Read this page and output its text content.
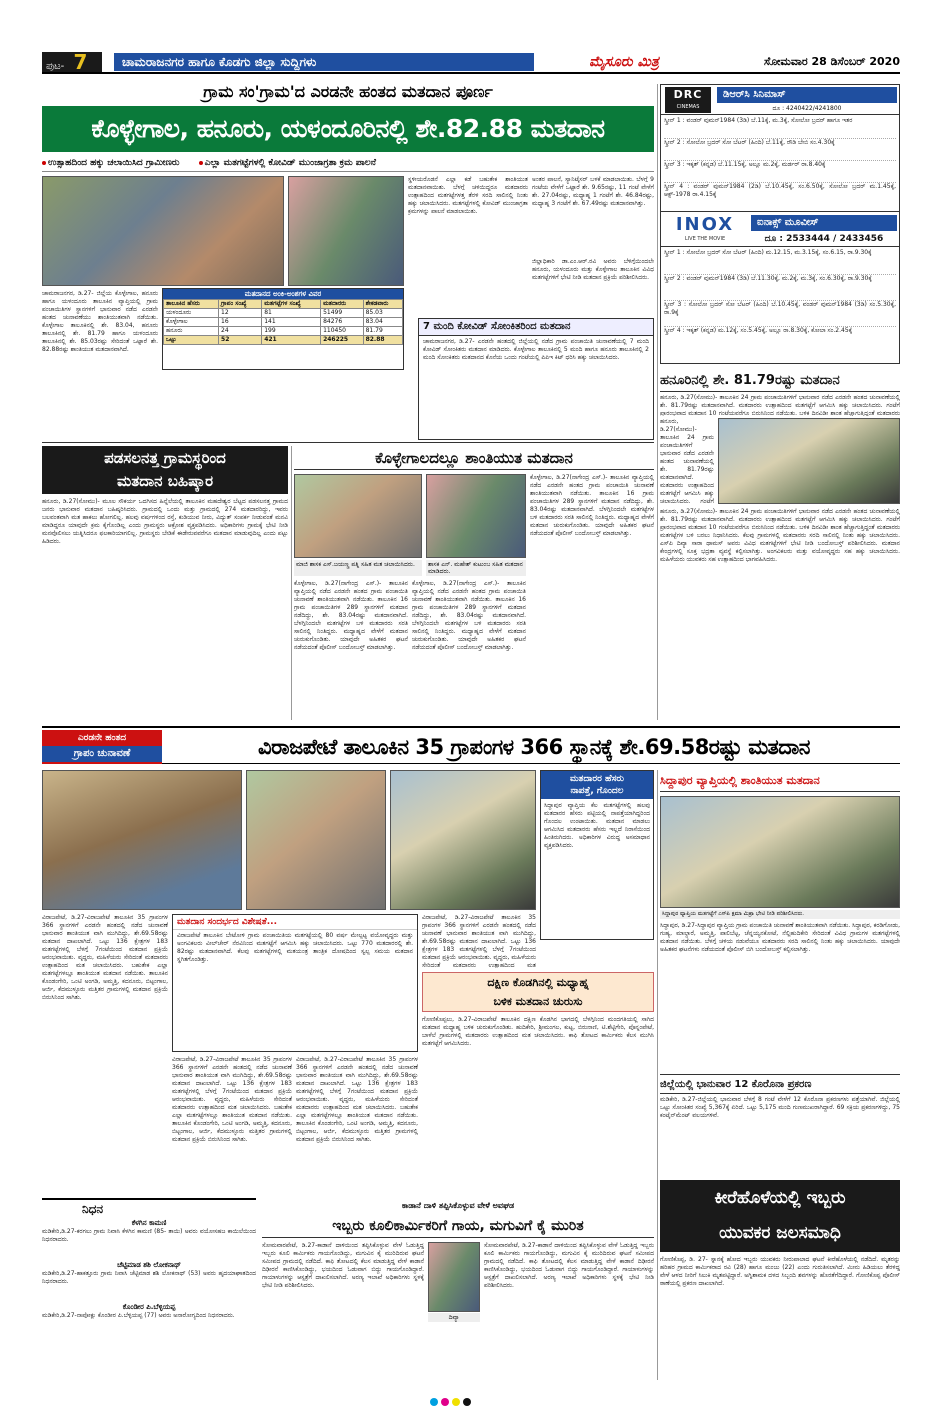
ಪುಟ- 7	ಚಾಮರಾಜನಗರ ಹಾಗೂ ಕೊಡಗು ಜಿಲ್ಲಾ ಸುದ್ದಿಗಳು	ಮೈಸೂರು ಮಿತ್ರ	ಸೋಮವಾರ 28 ಡಿಸೆಂಬರ್ 2020
ಗ್ರಾಮ ಸಂ'ಗ್ರಾಮ'ದ ಎರಡನೇ ಹಂತದ ಮತದಾನ ಪೂರ್ಣ
ಕೊಳ್ಳೇಗಾಲ, ಹನೂರು, ಯಳಂದೂರಿನಲ್ಲಿ ಶೇ.82.88 ಮತದಾನ
ಉತ್ಸಾಹದಿಂದ ಹಕ್ಕು ಚಲಾಯಿಸಿದ ಗ್ರಾಮೀಣರು	ಎಲ್ಲಾ ಮತಗಟ್ಟೆಗಳಲ್ಲಿ ಕೋವಿಡ್ ಮುಂಜಾಗ್ರತಾ ಕ್ರಮ ಪಾಲನೆ
ಚಾಮರಾಜನಗರ, ಡಿ.27- ಜಿಲ್ಲೆಯ ಕೊಳ್ಳೇಗಾಲ, ಹನೂರು ಹಾಗೂ ಯಳಂದೂರು ತಾಲೂಕಿನ ವ್ಯಾಪ್ತಿಯಲ್ಲಿ ಗ್ರಾಮ ಪಂಚಾಯಿತಿಗಳ ಸ್ಥಾನಗಳಿಗೆ ಭಾನುವಾರ ನಡೆದ ಎರಡನೇ ಹಂತದ ಚುನಾವಣೆಯು ಶಾಂತಿಯುತವಾಗಿ ನಡೆಯಿತು. ಕೊಳ್ಳೇಗಾಲ ತಾಲೂಕಿನಲ್ಲಿ ಶೇ. 83.04, ಹನೂರು ತಾಲೂಕಿನಲ್ಲಿ ಶೇ. 81.79 ಹಾಗೂ ಯಳಂದೂರು ತಾಲೂಕಿನಲ್ಲಿ ಶೇ. 85.03ರಷ್ಟು ಸೇರಿದಂತೆ ಒಟ್ಟಾರೆ ಶೇ. 82.88ರಷ್ಟು ಶಾಂತಿಯುತ ಮತದಾನವಾಗಿದೆ.
ಸ್ಥಳೀಯರೊಡನೆ ಎಲ್ಲಾ ಕಡೆ ಬಹುತೇಕ ಶಾಂತಿಯುತ ಮತದಾನವಾಯಿತು. ಬೆಳಗ್ಗೆ ಚಳಿಯಿದ್ದರೂ ಮತದಾರರು ಉತ್ಸಾಹದಿಂದ ಮತಗಟ್ಟೆಗಳತ್ತ ತೆರಳಿ ಸರದಿ ಸಾಲಿನಲ್ಲಿ ನಿಂತು ಹಕ್ಕು ಚಲಾಯಿಸಿದರು. ಮತಗಟ್ಟೆಗಳಲ್ಲಿ ಕೋವಿಡ್ ಮುಂಜಾಗ್ರತಾ ಕ್ರಮಗಳನ್ನು ಪಾಲನೆ ಮಾಡಲಾಯಿತು.
ಅಂತರ ಪಾಲನೆ, ಸ್ಯಾನಿಟೈಸರ್ ಬಳಕೆ ಮಾಡಲಾಯಿತು. ಬೆಳಗ್ಗೆ 9 ಗಂಟೆಯ ವೇಳೆಗೆ ಒಟ್ಟಾರೆ ಶೇ. 9.65ರಷ್ಟು, 11 ಗಂಟೆ ವೇಳೆಗೆ ಶೇ. 27.04ರಷ್ಟು, ಮಧ್ಯಾಹ್ನ 1 ಗಂಟೆಗೆ ಶೇ. 46.84ರಷ್ಟು, ಮಧ್ಯಾಹ್ನ 3 ಗಂಟೆಗೆ ಶೇ. 67.49ರಷ್ಟು ಮತದಾನವಾಗಿತ್ತು.
ಜಿಲ್ಲಾಧಿಕಾರಿ ಡಾ.ಎಂ.ಆರ್.ರವಿ ಅವರು ಬೆಳಿಗ್ಗೆಯಿಂದಲೇ ಹನೂರು, ಯಳಂದೂರು ಮತ್ತು ಕೊಳ್ಳೇಗಾಲ ತಾಲೂಕಿನ ವಿವಿಧ ಮತಗಟ್ಟೆಗಳಿಗೆ ಭೇಟಿ ನೀಡಿ ಮತದಾನ ಪ್ರಕ್ರಿಯೆ ಪರಿಶೀಲಿಸಿದರು.
ಮತದಾನದ ಅಂಕಿ-ಅಂಶಗಳ ವಿವರ
ತಾಲೂಕಿನ ಹೆಸರು	ಗ್ರಾಪಂ ಸಂಖ್ಯೆ	ಮತಗಟ್ಟೆಗಳ ಸಂಖ್ಯೆ	ಮತದಾರರು	ಶೇಕಡವಾರು
ಯಳಂದೂರು	12	81	51499	85.03
ಕೊಳ್ಳೇಗಾಲ	16	141	84276	83.04
ಹನೂರು	24	199	110450	81.79
ಒಟ್ಟು	52	421	246225	82.88
7 ಮಂದಿ ಕೋವಿಡ್ ಸೋಂಕಿತರಿಂದ ಮತದಾನ
ಚಾಮರಾಜನಗರ, ಡಿ.27- ಎರಡನೇ ಹಂತದಲ್ಲಿ ಜಿಲ್ಲೆಯಲ್ಲಿ ನಡೆದ ಗ್ರಾಮ ಪಂಚಾಯಿತಿ ಚುನಾವಣೆಯಲ್ಲಿ 7 ಮಂದಿ ಕೋವಿಡ್ ಸೋಂಕಿತರು ಮತದಾನ ಮಾಡಿದರು. ಕೊಳ್ಳೇಗಾಲ ತಾಲೂಕಿನಲ್ಲಿ 5 ಮಂದಿ ಹಾಗೂ ಹನೂರು ತಾಲೂಕಿನಲ್ಲಿ 2 ಮಂದಿ ಸೋಂಕಿತರು ಮತದಾನದ ಕೊನೆಯ ಒಂದು ಗಂಟೆಯಲ್ಲಿ ಪಿಪಿಇ ಕಿಟ್ ಧರಿಸಿ ಹಕ್ಕು ಚಲಾಯಿಸಿದರು.
DRC
CINEMAS
ಡಿಆರ್‌ಸಿ ಸಿನಿಮಾಸ್
ದೂ : 4240422/4241800
ಸ್ಕ್ರೀನ್ 1 : ವಂಡರ್ ವುಮನ್1984 (3ಡಿ) ಬೆ.11ಕ್ಕೆ, ಮ.3ಕ್ಕೆ, ಸೋಲೋ ಬ್ರದರ್ ಹಾಗೂ ಇತರ
ಸ್ಕ್ರೀನ್ 2 : ಸೋಲೋ ಬ್ರದರ್ ಸೋ ಬೆಟರ್ (ಹಿಂದಿ) ಬೆ.11ಕ್ಕೆ, ರೌಡಿ ಬೇಬಿ ಸಂ.4.30ಕ್ಕೆ
ಸ್ಕ್ರೀನ್ 3 : ಇಕ್ಕತ್ (ಕನ್ನಡ) ಬೆ.11.15ಕ್ಕೆ, ಅಲ್ಲೂ ಮ.2ಕ್ಕೆ, ಮರ್ಡರ್ ರಾ.8.40ಕ್ಕೆ
ಸ್ಕ್ರೀನ್ 4 : ವಂಡರ್ ವುಮನ್1984 (2ಡಿ) ಬೆ.10.45ಕ್ಕೆ, ಸಂ.6.50ಕ್ಕೆ, ಸೋಲೋ ಬ್ರದರ್ ಮ.1.45ಕ್ಕೆ, ಆಕ್ಟ್-1978 ರಾ.4.15ಕ್ಕೆ
INOX
LIVE THE MOVIE
ಐನಾಕ್ಸ್ ಮೂವೀಸ್
ದೂ : 2533444 / 2433456
ಸ್ಕ್ರೀನ್ 1 : ಸೋಲೋ ಬ್ರದರ್ ಸೋ ಬೆಟರ್ (ಹಿಂದಿ) ಮ.12.15, ಮ.3.15ಕ್ಕೆ, ಸಂ.6.15, ರಾ.9.30ಕ್ಕೆ
ಸ್ಕ್ರೀನ್ 2 : ವಂಡರ್ ವುಮನ್1984 (3ಡಿ) ಬೆ.11.30ಕ್ಕೆ, ಮ.2ಕ್ಕೆ, ಮ.3ಕ್ಕೆ, ಸಂ.6.30ಕ್ಕೆ, ರಾ.9.30ಕ್ಕೆ
ಸ್ಕ್ರೀನ್ 3 : ಸೋಲೋ ಬ್ರದರ್ ಸೋ ಬೆಟರ್ (ಹಿಂದಿ) ಬೆ.10.45ಕ್ಕೆ, ವಂಡರ್ ವುಮನ್1984 (3ಡಿ) ಸಂ.5.30ಕ್ಕೆ, ರಾ.9ಕ್ಕೆ
ಸ್ಕ್ರೀನ್ 4 : ಇಕ್ಕತ್ (ಕನ್ನಡ) ಮ.12ಕ್ಕೆ, ಸಂ.5.45ಕ್ಕೆ, ಅಲ್ಲೂ ರಾ.8.30ಕ್ಕೆ, ಕೋಲಾ ಸಂ.2.45ಕ್ಕೆ
ಹನೂರಿನಲ್ಲಿ ಶೇ. 81.79ರಷ್ಟು ಮತದಾನ
ಹನೂರು, ಡಿ.27(ಸೋಮು)- ತಾಲೂಕಿನ 24 ಗ್ರಾಮ ಪಂಚಾಯಿತಿಗಳಿಗೆ ಭಾನುವಾರ ನಡೆದ ಎರಡನೇ ಹಂತದ ಚುನಾವಣೆಯಲ್ಲಿ ಶೇ. 81.79ರಷ್ಟು ಮತದಾನವಾಗಿದೆ. ಮತದಾರರು ಉತ್ಸಾಹದಿಂದ ಮತಗಟ್ಟೆಗೆ ಆಗಮಿಸಿ ಹಕ್ಕು ಚಲಾಯಿಸಿದರು. ಗಂಟೆಗೆ ಪ್ರಾರಂಭವಾದ ಮತದಾನ 10 ಗಂಟೆಯವರೆಗೂ ಬಿರುಸಿನಿಂದ ನಡೆಯಿತು. ಬಳಿಕ ದಿನವಿಡೀ ಶಾಂತ ಹೆಚ್ಚಾಗುತ್ತಿದ್ದಂತೆ ಮತದಾರರು
ಹನೂರು, ಡಿ.27(ಸೋಮು)- ತಾಲೂಕಿನ 24 ಗ್ರಾಮ ಪಂಚಾಯಿತಿಗಳಿಗೆ ಭಾನುವಾರ ನಡೆದ ಎರಡನೇ ಹಂತದ ಚುನಾವಣೆಯಲ್ಲಿ ಶೇ. 81.79ರಷ್ಟು ಮತದಾನವಾಗಿದೆ. ಮತದಾರರು ಉತ್ಸಾಹದಿಂದ ಮತಗಟ್ಟೆಗೆ ಆಗಮಿಸಿ ಹಕ್ಕು ಚಲಾಯಿಸಿದರು. ಗಂಟೆಗೆ
ಹನೂರು, ಡಿ.27(ಸೋಮು)- ತಾಲೂಕಿನ 24 ಗ್ರಾಮ ಪಂಚಾಯಿತಿಗಳಿಗೆ ಭಾನುವಾರ ನಡೆದ ಎರಡನೇ ಹಂತದ ಚುನಾವಣೆಯಲ್ಲಿ ಶೇ. 81.79ರಷ್ಟು ಮತದಾನವಾಗಿದೆ. ಮತದಾರರು ಉತ್ಸಾಹದಿಂದ ಮತಗಟ್ಟೆಗೆ ಆಗಮಿಸಿ ಹಕ್ಕು ಚಲಾಯಿಸಿದರು. ಗಂಟೆಗೆ ಪ್ರಾರಂಭವಾದ ಮತದಾನ 10 ಗಂಟೆಯವರೆಗೂ ಬಿರುಸಿನಿಂದ ನಡೆಯಿತು. ಬಳಿಕ ದಿನವಿಡೀ ಶಾಂತ ಹೆಚ್ಚಾಗುತ್ತಿದ್ದಂತೆ ಮತದಾರರು ಮತಗಟ್ಟೆಗಳ ಬಳಿ ಬರಲು ನಿಧಾನಿಸಿದರು. ಕೆಲವು ಗ್ರಾಮಗಳಲ್ಲಿ ಮತದಾರರು ಸರದಿ ಸಾಲಿನಲ್ಲಿ ನಿಂತು ಹಕ್ಕು ಚಲಾಯಿಸಿದರು. ಎಸ್‌ಪಿ ದಿವ್ಯಾ ಸಾರಾ ಥಾಮಸ್ ಅವರು ವಿವಿಧ ಮತಗಟ್ಟೆಗಳಿಗೆ ಭೇಟಿ ನೀಡಿ ಬಂದೋಬಸ್ತ್ ಪರಿಶೀಲಿಸಿದರು. ಮತದಾನ ಕೇಂದ್ರಗಳಲ್ಲಿ ಸೂಕ್ತ ಭದ್ರತಾ ವ್ಯವಸ್ಥೆ ಕಲ್ಪಿಸಲಾಗಿತ್ತು. ಅಂಗವಿಕಲರು ಮತ್ತು ವಯೋವೃದ್ಧರು ಸಹ ಹಕ್ಕು ಚಲಾಯಿಸಿದರು. ಮಹಿಳೆಯರು ಯುವಕರು ಸಹ ಉತ್ಸಾಹದಿಂದ ಭಾಗವಹಿಸಿದರು.
ಪಡಸಲನತ್ತ ಗ್ರಾಮಸ್ಥರಿಂದ
ಮತದಾನ ಬಹಿಷ್ಕಾರ
ಹನೂರು, ಡಿ.27(ಸೋಮು)- ಮೂಲ ಸೌಕರ್ಯ ಒದಗಿಸದ ಹಿನ್ನೆಲೆಯಲ್ಲಿ ತಾಲೂಕಿನ ಮಹದೇಶ್ವರ ಬೆಟ್ಟದ ಪಡಸಲನತ್ತ ಗ್ರಾಮದ ಜನರು ಭಾನುವಾರ ಮತದಾನ ಬಹಿಷ್ಕರಿಸಿದರು. ಗ್ರಾಮದಲ್ಲಿ ಒಂದು ಮತ್ತು ಗ್ರಾಮದಲ್ಲಿ 274 ಮತದಾರರಿದ್ದು, ಇವರು ಬಲವಂತವಾಗಿ ಮತ ಹಾಕಲು ಹೋಗಲಿಲ್ಲ. ಹಲವು ವರ್ಷಗಳಿಂದ ರಸ್ತೆ, ಕುಡಿಯುವ ನೀರು, ವಿದ್ಯುತ್ ಸಂಪರ್ಕ ನೀಡುವಂತೆ ಮನವಿ ಮಾಡಿದ್ದರೂ ಯಾವುದೇ ಕ್ರಮ ಕೈಗೊಂಡಿಲ್ಲ ಎಂದು ಗ್ರಾಮಸ್ಥರು ಆಕ್ರೋಶ ವ್ಯಕ್ತಪಡಿಸಿದರು. ಅಧಿಕಾರಿಗಳು ಗ್ರಾಮಕ್ಕೆ ಭೇಟಿ ನೀಡಿ ಮನವೊಲಿಸಲು ಯತ್ನಿಸಿದರೂ ಫಲಕಾರಿಯಾಗಲಿಲ್ಲ. ಗ್ರಾಮಸ್ಥರು ಬೇಡಿಕೆ ಈಡೇರುವವರೆಗೂ ಮತದಾನ ಮಾಡುವುದಿಲ್ಲ ಎಂದು ಪಟ್ಟು ಹಿಡಿದರು.
ಕೊಳ್ಳೇಗಾಲದಲ್ಲೂ ಶಾಂತಿಯುತ ಮತದಾನ
ಮಾಜಿ ಶಾಸಕ ಎಸ್.ಜಯಣ್ಣ ಪತ್ನಿ ಸಹಿತ ಮತ ಚಲಾಯಿಸಿದರು.	ಶಾಸಕ ಎನ್. ಮಹೇಶ್ ಕುಟುಂಬ ಸಹಿತ ಮತದಾನ ಮಾಡಿದರು.
ಕೊಳ್ಳೇಗಾಲ, ಡಿ.27(ನಾಗೇಂದ್ರ ಎಸ್.)- ತಾಲೂಕಿನ ವ್ಯಾಪ್ತಿಯಲ್ಲಿ ನಡೆದ ಎರಡನೇ ಹಂತದ ಗ್ರಾಮ ಪಂಚಾಯಿತಿ ಚುನಾವಣೆ ಶಾಂತಿಯುತವಾಗಿ ನಡೆಯಿತು. ತಾಲೂಕಿನ 16 ಗ್ರಾಮ ಪಂಚಾಯಿತಿಗಳ 289 ಸ್ಥಾನಗಳಿಗೆ ಮತದಾನ ನಡೆದಿದ್ದು, ಶೇ. 83.04ರಷ್ಟು ಮತದಾನವಾಗಿದೆ. ಬೆಳಗ್ಗಿನಿಂದಲೇ ಮತಗಟ್ಟೆಗಳ ಬಳಿ ಮತದಾರರು ಸರತಿ ಸಾಲಿನಲ್ಲಿ ನಿಂತಿದ್ದರು. ಮಧ್ಯಾಹ್ನದ ವೇಳೆಗೆ ಮತದಾನ ಚುರುಕುಗೊಂಡಿತು. ಯಾವುದೇ ಅಹಿತಕರ ಘಟನೆ ನಡೆಯದಂತೆ ಪೊಲೀಸ್ ಬಂದೋಬಸ್ತ್ ಮಾಡಲಾಗಿತ್ತು.
ಕೊಳ್ಳೇಗಾಲ, ಡಿ.27(ನಾಗೇಂದ್ರ ಎಸ್.)- ತಾಲೂಕಿನ ವ್ಯಾಪ್ತಿಯಲ್ಲಿ ನಡೆದ ಎರಡನೇ ಹಂತದ ಗ್ರಾಮ ಪಂಚಾಯಿತಿ ಚುನಾವಣೆ ಶಾಂತಿಯುತವಾಗಿ ನಡೆಯಿತು. ತಾಲೂಕಿನ 16 ಗ್ರಾಮ ಪಂಚಾಯಿತಿಗಳ 289 ಸ್ಥಾನಗಳಿಗೆ ಮತದಾನ ನಡೆದಿದ್ದು, ಶೇ. 83.04ರಷ್ಟು ಮತದಾನವಾಗಿದೆ. ಬೆಳಗ್ಗಿನಿಂದಲೇ ಮತಗಟ್ಟೆಗಳ ಬಳಿ ಮತದಾರರು ಸರತಿ ಸಾಲಿನಲ್ಲಿ ನಿಂತಿದ್ದರು. ಮಧ್ಯಾಹ್ನದ ವೇಳೆಗೆ ಮತದಾನ ಚುರುಕುಗೊಂಡಿತು. ಯಾವುದೇ ಅಹಿತಕರ ಘಟನೆ ನಡೆಯದಂತೆ ಪೊಲೀಸ್ ಬಂದೋಬಸ್ತ್ ಮಾಡಲಾಗಿತ್ತು.
ಕೊಳ್ಳೇಗಾಲ, ಡಿ.27(ನಾಗೇಂದ್ರ ಎಸ್.)- ತಾಲೂಕಿನ ವ್ಯಾಪ್ತಿಯಲ್ಲಿ ನಡೆದ ಎರಡನೇ ಹಂತದ ಗ್ರಾಮ ಪಂಚಾಯಿತಿ ಚುನಾವಣೆ ಶಾಂತಿಯುತವಾಗಿ ನಡೆಯಿತು. ತಾಲೂಕಿನ 16 ಗ್ರಾಮ ಪಂಚಾಯಿತಿಗಳ 289 ಸ್ಥಾನಗಳಿಗೆ ಮತದಾನ ನಡೆದಿದ್ದು, ಶೇ. 83.04ರಷ್ಟು ಮತದಾನವಾಗಿದೆ. ಬೆಳಗ್ಗಿನಿಂದಲೇ ಮತಗಟ್ಟೆಗಳ ಬಳಿ ಮತದಾರರು ಸರತಿ ಸಾಲಿನಲ್ಲಿ ನಿಂತಿದ್ದರು. ಮಧ್ಯಾಹ್ನದ ವೇಳೆಗೆ ಮತದಾನ ಚುರುಕುಗೊಂಡಿತು. ಯಾವುದೇ ಅಹಿತಕರ ಘಟನೆ ನಡೆಯದಂತೆ ಪೊಲೀಸ್ ಬಂದೋಬಸ್ತ್ ಮಾಡಲಾಗಿತ್ತು.
ಎರಡನೇ ಹಂತದ
ಗ್ರಾಪಂ ಚುನಾವಣೆ	ವಿರಾಜಪೇಟೆ ತಾಲೂಕಿನ 35 ಗ್ರಾಪಂಗಳ 366 ಸ್ಥಾನಕ್ಕೆ ಶೇ.69.58ರಷ್ಟು ಮತದಾನ
ಮತದಾರರ ಹೆಸರು
ನಾಪತ್ತೆ, ಗೊಂದಲ
ಸಿದ್ದಾಪುರ ವ್ಯಾಪ್ತಿಯ ಕೆಲ ಮತಗಟ್ಟೆಗಳಲ್ಲಿ ಹಲವು ಮತದಾರರ ಹೆಸರು ಪಟ್ಟಿಯಲ್ಲಿ ನಾಪತ್ತೆಯಾಗಿದ್ದರಿಂದ ಗೊಂದಲ ಉಂಟಾಯಿತು. ಮತದಾನ ಮಾಡಲು ಆಗಮಿಸಿದ ಮತದಾರರು ಹೆಸರು ಇಲ್ಲದೆ ನಿರಾಸೆಯಿಂದ ಹಿಂತಿರುಗಿದರು. ಅಧಿಕಾರಿಗಳ ವಿರುದ್ಧ ಅಸಮಾಧಾನ ವ್ಯಕ್ತಪಡಿಸಿದರು.
ಸಿದ್ದಾಪುರ ವ್ಯಾಪ್ತಿಯಲ್ಲಿ ಶಾಂತಿಯುತ ಮತದಾನ
ಸಿದ್ದಾಪುರ ವ್ಯಾಪ್ತಿಯ ಮತಗಟ್ಟೆಗೆ ಎಸ್‌ಪಿ ಕ್ಷಮಾ ಮಿಶ್ರಾ ಭೇಟಿ ನೀಡಿ ಪರಿಶೀಲಿಸಿದರು.
ಸಿದ್ದಾಪುರ, ಡಿ.27-ಸಿದ್ದಾಪುರ ವ್ಯಾಪ್ತಿಯ ಗ್ರಾಮ ಪಂಚಾಯಿತಿ ಚುನಾವಣೆ ಶಾಂತಿಯುತವಾಗಿ ನಡೆಯಿತು. ಸಿದ್ದಾಪುರ, ಕರಡಿಗೋಡು, ಗುಹ್ಯ, ಮಾಲ್ದಾರೆ, ಅಮ್ಮತ್ತಿ, ಪಾಲಿಬೆಟ್ಟ, ಚೆನ್ನಯ್ಯನಕೋಟೆ, ನೆಲ್ಲಿಹುದಿಕೇರಿ ಸೇರಿದಂತೆ ವಿವಿಧ ಗ್ರಾಮಗಳ ಮತಗಟ್ಟೆಗಳಲ್ಲಿ ಮತದಾನ ನಡೆಯಿತು. ಬೆಳಗ್ಗೆ ಚಳಿಯ ನಡುವೆಯೂ ಮತದಾರರು ಸರದಿ ಸಾಲಿನಲ್ಲಿ ನಿಂತು ಹಕ್ಕು ಚಲಾಯಿಸಿದರು. ಯಾವುದೇ ಅಹಿತಕರ ಘಟನೆಗಳು ನಡೆಯದಂತೆ ಪೊಲೀಸ್ ಬಿಗಿ ಬಂದೋಬಸ್ತ್ ಕಲ್ಪಿಸಲಾಗಿತ್ತು.
ವಿರಾಜಪೇಟೆ, ಡಿ.27-ವಿರಾಜಪೇಟೆ ತಾಲೂಕಿನ 35 ಗ್ರಾಪಂಗಳ 366 ಸ್ಥಾನಗಳಿಗೆ ಎರಡನೇ ಹಂತದಲ್ಲಿ ನಡೆದ ಚುನಾವಣೆ ಭಾನುವಾರ ಶಾಂತಿಯುತ ವಾಗಿ ಮುಗಿದಿದ್ದು, ಶೇ.69.58ರಷ್ಟು ಮತದಾನ ದಾಖಲಾಗಿದೆ. ಒಟ್ಟು 136 ಕ್ಷೇತ್ರಗಳ 183 ಮತಗಟ್ಟೆಗಳಲ್ಲಿ ಬೆಳಗ್ಗೆ 7ಗಂಟೆಯಿಂದ ಮತದಾನ ಪ್ರಕ್ರಿಯೆ ಆರಂಭವಾಯಿತು. ವೃದ್ಧರು, ಮಹಿಳೆಯರು ಸೇರಿದಂತೆ ಮತದಾರರು ಉತ್ಸಾಹದಿಂದ ಮತ ಚಲಾಯಿಸಿದರು. ಬಹುತೇಕ ಎಲ್ಲಾ ಮತಗಟ್ಟೆಗಳಲ್ಲೂ ಶಾಂತಿಯುತ ಮತದಾನ ನಡೆಯಿತು. ತಾಲೂಕಿನ ಕೊಂಡಂಗೇರಿ, ಒಂಟಿ ಅಂಗಡಿ, ಅಮ್ಮತ್ತಿ, ಕದನೂರು, ಬಿಟ್ಟಂಗಾಲ, ಆರ್ಜಿ, ಕೆದಮುಳ್ಳೂರು ಮತ್ತಿತರ ಗ್ರಾಮಗಳಲ್ಲಿ ಮತದಾನ ಪ್ರಕ್ರಿಯೆ ಬಿರುಸಿನಿಂದ ಸಾಗಿತು.
ಮತದಾನ ಸಂದರ್ಭದ ವಿಶೇಷತೆ...
ವಿರಾಜಪೇಟೆ ತಾಲೂಕಿನ ಬೇಟೋಳಿ ಗ್ರಾಮ ಪಂಚಾಯಿತಿಯ ಮತಗಟ್ಟೆಯಲ್ಲಿ 80 ವರ್ಷ ಮೇಲ್ಪಟ್ಟ ವಯೋವೃದ್ಧರು ಮತ್ತು ಅಂಗವಿಕಲರು ವೀಲ್‌ಚೇರ್ ನೆರವಿನಿಂದ ಮತಗಟ್ಟೆಗೆ ಆಗಮಿಸಿ ಹಕ್ಕು ಚಲಾಯಿಸಿದರು. ಒಟ್ಟು 770 ಮತದಾರರಲ್ಲಿ ಶೇ. 82ರಷ್ಟು ಮತದಾನವಾಗಿದೆ. ಕೆಲವು ಮತಗಟ್ಟೆಗಳಲ್ಲಿ ಮತಯಂತ್ರ ತಾಂತ್ರಿಕ ದೋಷದಿಂದ ಸ್ವಲ್ಪ ಸಮಯ ಮತದಾನ ಸ್ಥಗಿತಗೊಂಡಿತ್ತು.
ವಿರಾಜಪೇಟೆ, ಡಿ.27-ವಿರಾಜಪೇಟೆ ತಾಲೂಕಿನ 35 ಗ್ರಾಪಂಗಳ 366 ಸ್ಥಾನಗಳಿಗೆ ಎರಡನೇ ಹಂತದಲ್ಲಿ ನಡೆದ ಚುನಾವಣೆ ಭಾನುವಾರ ಶಾಂತಿಯುತ ವಾಗಿ ಮುಗಿದಿದ್ದು, ಶೇ.69.58ರಷ್ಟು ಮತದಾನ ದಾಖಲಾಗಿದೆ. ಒಟ್ಟು 136 ಕ್ಷೇತ್ರಗಳ 183 ಮತಗಟ್ಟೆಗಳಲ್ಲಿ ಬೆಳಗ್ಗೆ 7ಗಂಟೆಯಿಂದ ಮತದಾನ ಪ್ರಕ್ರಿಯೆ ಆರಂಭವಾಯಿತು. ವೃದ್ಧರು, ಮಹಿಳೆಯರು ಸೇರಿದಂತೆ ಮತದಾರರು ಉತ್ಸಾಹದಿಂದ ಮತ ಚಲಾಯಿಸಿದರು. ಬಹುತೇಕ ಎಲ್ಲಾ ಮತಗಟ್ಟೆಗಳಲ್ಲೂ ಶಾಂತಿಯುತ ಮತದಾನ ನಡೆಯಿತು. ತಾಲೂಕಿನ ಕೊಂಡಂಗೇರಿ, ಒಂಟಿ ಅಂಗಡಿ, ಅಮ್ಮತ್ತಿ, ಕದನೂರು, ಬಿಟ್ಟಂಗಾಲ, ಆರ್ಜಿ, ಕೆದಮುಳ್ಳೂರು ಮತ್ತಿತರ ಗ್ರಾಮಗಳಲ್ಲಿ ಮತದಾನ ಪ್ರಕ್ರಿಯೆ ಬಿರುಸಿನಿಂದ ಸಾಗಿತು.
ವಿರಾಜಪೇಟೆ, ಡಿ.27-ವಿರಾಜಪೇಟೆ ತಾಲೂಕಿನ 35 ಗ್ರಾಪಂಗಳ 366 ಸ್ಥಾನಗಳಿಗೆ ಎರಡನೇ ಹಂತದಲ್ಲಿ ನಡೆದ ಚುನಾವಣೆ ಭಾನುವಾರ ಶಾಂತಿಯುತ ವಾಗಿ ಮುಗಿದಿದ್ದು, ಶೇ.69.58ರಷ್ಟು ಮತದಾನ ದಾಖಲಾಗಿದೆ. ಒಟ್ಟು 136 ಕ್ಷೇತ್ರಗಳ 183 ಮತಗಟ್ಟೆಗಳಲ್ಲಿ ಬೆಳಗ್ಗೆ 7ಗಂಟೆಯಿಂದ ಮತದಾನ ಪ್ರಕ್ರಿಯೆ ಆರಂಭವಾಯಿತು. ವೃದ್ಧರು, ಮಹಿಳೆಯರು ಸೇರಿದಂತೆ ಮತದಾರರು ಉತ್ಸಾಹದಿಂದ ಮತ ಚಲಾಯಿಸಿದರು. ಬಹುತೇಕ ಎಲ್ಲಾ ಮತಗಟ್ಟೆಗಳಲ್ಲೂ ಶಾಂತಿಯುತ ಮತದಾನ ನಡೆಯಿತು. ತಾಲೂಕಿನ ಕೊಂಡಂಗೇರಿ, ಒಂಟಿ ಅಂಗಡಿ, ಅಮ್ಮತ್ತಿ, ಕದನೂರು, ಬಿಟ್ಟಂಗಾಲ, ಆರ್ಜಿ, ಕೆದಮುಳ್ಳೂರು ಮತ್ತಿತರ ಗ್ರಾಮಗಳಲ್ಲಿ ಮತದಾನ ಪ್ರಕ್ರಿಯೆ ಬಿರುಸಿನಿಂದ ಸಾಗಿತು.
ವಿರಾಜಪೇಟೆ, ಡಿ.27-ವಿರಾಜಪೇಟೆ ತಾಲೂಕಿನ 35 ಗ್ರಾಪಂಗಳ 366 ಸ್ಥಾನಗಳಿಗೆ ಎರಡನೇ ಹಂತದಲ್ಲಿ ನಡೆದ ಚುನಾವಣೆ ಭಾನುವಾರ ಶಾಂತಿಯುತ ವಾಗಿ ಮುಗಿದಿದ್ದು, ಶೇ.69.58ರಷ್ಟು ಮತದಾನ ದಾಖಲಾಗಿದೆ. ಒಟ್ಟು 136 ಕ್ಷೇತ್ರಗಳ 183 ಮತಗಟ್ಟೆಗಳಲ್ಲಿ ಬೆಳಗ್ಗೆ 7ಗಂಟೆಯಿಂದ ಮತದಾನ ಪ್ರಕ್ರಿಯೆ ಆರಂಭವಾಯಿತು. ವೃದ್ಧರು, ಮಹಿಳೆಯರು ಸೇರಿದಂತೆ ಮತದಾರರು ಉತ್ಸಾಹದಿಂದ ಮತ
ದಕ್ಷಿಣ ಕೊಡಗಿನಲ್ಲಿ ಮಧ್ಯಾಹ್ನ
ಬಳಿಕ ಮತದಾನ ಚುರುಸು
ಗೋಣಿಕೊಪ್ಪಲು, ಡಿ.27-ವಿರಾಜಪೇಟೆ ತಾಲೂಕಿನ ದಕ್ಷಿಣ ಕೊಡಗಿನ ಭಾಗದಲ್ಲಿ ಬೆಳಗ್ಗಿನಿಂದ ಮಂದಗತಿಯಲ್ಲಿ ಸಾಗಿದ ಮತದಾನ ಮಧ್ಯಾಹ್ನ ಬಳಿಕ ಚುರುಕುಗೊಂಡಿತು. ಹುದಿಕೇರಿ, ಶ್ರೀಮಂಗಲ, ಕುಟ್ಟ, ಬಿರುನಾಣಿ, ಟಿ.ಶೆಟ್ಟಿಗೇರಿ, ಪೊನ್ನಂಪೇಟೆ, ಬಾಳೆಲೆ ಗ್ರಾಮಗಳಲ್ಲಿ ಮತದಾರರು ಉತ್ಸಾಹದಿಂದ ಮತ ಚಲಾಯಿಸಿದರು. ಕಾಫಿ ತೋಟದ ಕಾರ್ಮಿಕರು ಕೆಲಸ ಮುಗಿಸಿ ಮತಗಟ್ಟೆಗೆ ಆಗಮಿಸಿದರು.
ಜಿಲ್ಲೆಯಲ್ಲಿ ಭಾನುವಾರ 12 ಕೊರೊನಾ ಪ್ರಕರಣ
ಮಡಿಕೇರಿ, ಡಿ.27-ಜಿಲ್ಲೆಯಲ್ಲಿ ಭಾನುವಾರ ಬೆಳಗ್ಗೆ 8 ಗಂಟೆ ವೇಳೆಗೆ 12 ಕೊರೊನಾ ಪ್ರಕರಣಗಳು ಪತ್ತೆಯಾಗಿವೆ. ಜಿಲ್ಲೆಯಲ್ಲಿ ಒಟ್ಟು ಸೋಂಕಿತರ ಸಂಖ್ಯೆ 5,367ಕ್ಕೆ ಏರಿದೆ. ಒಟ್ಟು 5,175 ಮಂದಿ ಗುಣಮುಖರಾಗಿದ್ದಾರೆ. 69 ಸಕ್ರಿಯ ಪ್ರಕರಣಗಳಿದ್ದು, 75 ಕಂಟೈನ್‌ಮೆಂಟ್ ವಲಯಗಳಿವೆ.
ಕೀರೆಹೊಳೆಯಲ್ಲಿ ಇಬ್ಬರು
ಯುವಕರ ಜಲಸಮಾಧಿ
ಗೋಣಿಕೊಪ್ಪ, ಡಿ. 27- ಸ್ನಾನಕ್ಕೆ ಹೋದ ಇಬ್ಬರು ಯುವಕರು ನೀರುಪಾಲಾದ ಘಟನೆ ಕೀರೆಹೊಳೆಯಲ್ಲಿ ನಡೆದಿದೆ. ಮೃತರನ್ನು ಹರಿಹರ ಗ್ರಾಮದ ಕಾರ್ಮಿಕರಾದ ರವಿ (28) ಹಾಗೂ ಮಂಜು (22) ಎಂದು ಗುರುತಿಸಲಾಗಿದೆ. ಮೀನು ಹಿಡಿಯಲು ತೆರಳಿದ್ದ ವೇಳೆ ಆಳದ ನೀರಿಗೆ ಸಿಲುಕಿ ಮೃತಪಟ್ಟಿದ್ದಾರೆ. ಅಗ್ನಿಶಾಮಕ ದಳದ ಸಿಬ್ಬಂದಿ ಶವಗಳನ್ನು ಹೊರತೆಗೆದಿದ್ದಾರೆ. ಗೋಣಿಕೊಪ್ಪ ಪೊಲೀಸ್ ಠಾಣೆಯಲ್ಲಿ ಪ್ರಕರಣ ದಾಖಲಾಗಿದೆ.
ನಿಧನ
ಕೆಳಗಿನ ಕಾಮಣಿ
ಮಡಿಕೇರಿ,ಡಿ.27-ಕರಗಲು ಗ್ರಾಮ ನಿವಾಸಿ ಕೆಳಗಿನ ಕಾಮಣಿ (85- ತಾಯಿ) ಅವರು ವಯೋಸಹಜ ಕಾಯಿಲೆಯಿಂದ ನಿಧನರಾದರು.
ಚೆಟ್ಟಿಮಾಡ ಶಶಿ ಲೋಕನಾಥ್
ಮಡಿಕೇರಿ,ಡಿ.27-ಹಾಕತ್ತೂರು ಗ್ರಾಮ ನಿವಾಸಿ ಚೆಟ್ಟಿಮಾಡ ಶಶಿ ಲೋಕನಾಥ್ (53) ಅವರು ಹೃದಯಾಘಾತದಿಂದ ನಿಧನರಾದರು.
ಕೊಂಡೀರ ಪಿ.ಬೆಳ್ಳಿಯಪ್ಪ
ಮಡಿಕೇರಿ,ಡಿ.27-ನಾಪೋಕ್ಲು ಕೊಂಡೀರ ಪಿ.ಬೆಳ್ಳಿಯಪ್ಪ (77) ಅವರು ಅನಾರೋಗ್ಯದಿಂದ ನಿಧನರಾದರು.
ಕಾಡಾನೆ ದಾಳಿ ತಪ್ಪಿಸಿಕೊಳ್ಳುವ ವೇಳೆ ಅವಘಡ
ಇಬ್ಬರು ಕೂಲಿಕಾರ್ಮಿಕರಿಗೆ ಗಾಯ, ಮಗುವಿಗೆ ಕೈ ಮುರಿತ
ಸೋಮವಾರಪೇಟೆ, ಡಿ.27-ಕಾಡಾನೆ ದಾಳಿಯಿಂದ ತಪ್ಪಿಸಿಕೊಳ್ಳುವ ವೇಳೆ ಓಡುತ್ತಿದ್ದ ಇಬ್ಬರು ಕೂಲಿ ಕಾರ್ಮಿಕರು ಗಾಯಗೊಂಡಿದ್ದು, ಮಗುವಿನ ಕೈ ಮುರಿದಿರುವ ಘಟನೆ ಸಮೀಪದ ಗ್ರಾಮದಲ್ಲಿ ನಡೆದಿದೆ. ಕಾಫಿ ತೋಟದಲ್ಲಿ ಕೆಲಸ ಮಾಡುತ್ತಿದ್ದ ವೇಳೆ ಕಾಡಾನೆ ದಿಢೀರನೆ ಕಾಣಿಸಿಕೊಂಡಿದ್ದು, ಭಯದಿಂದ ಓಡುವಾಗ ಬಿದ್ದು ಗಾಯಗೊಂಡಿದ್ದಾರೆ. ಗಾಯಾಳುಗಳನ್ನು ಆಸ್ಪತ್ರೆಗೆ ದಾಖಲಿಸಲಾಗಿದೆ. ಅರಣ್ಯ ಇಲಾಖೆ ಅಧಿಕಾರಿಗಳು ಸ್ಥಳಕ್ಕೆ ಭೇಟಿ ನೀಡಿ ಪರಿಶೀಲಿಸಿದರು.
ದಿವ್ಯಾ
ಸೋಮವಾರಪೇಟೆ, ಡಿ.27-ಕಾಡಾನೆ ದಾಳಿಯಿಂದ ತಪ್ಪಿಸಿಕೊಳ್ಳುವ ವೇಳೆ ಓಡುತ್ತಿದ್ದ ಇಬ್ಬರು ಕೂಲಿ ಕಾರ್ಮಿಕರು ಗಾಯಗೊಂಡಿದ್ದು, ಮಗುವಿನ ಕೈ ಮುರಿದಿರುವ ಘಟನೆ ಸಮೀಪದ ಗ್ರಾಮದಲ್ಲಿ ನಡೆದಿದೆ. ಕಾಫಿ ತೋಟದಲ್ಲಿ ಕೆಲಸ ಮಾಡುತ್ತಿದ್ದ ವೇಳೆ ಕಾಡಾನೆ ದಿಢೀರನೆ ಕಾಣಿಸಿಕೊಂಡಿದ್ದು, ಭಯದಿಂದ ಓಡುವಾಗ ಬಿದ್ದು ಗಾಯಗೊಂಡಿದ್ದಾರೆ. ಗಾಯಾಳುಗಳನ್ನು ಆಸ್ಪತ್ರೆಗೆ ದಾಖಲಿಸಲಾಗಿದೆ. ಅರಣ್ಯ ಇಲಾಖೆ ಅಧಿಕಾರಿಗಳು ಸ್ಥಳಕ್ಕೆ ಭೇಟಿ ನೀಡಿ ಪರಿಶೀಲಿಸಿದರು.
